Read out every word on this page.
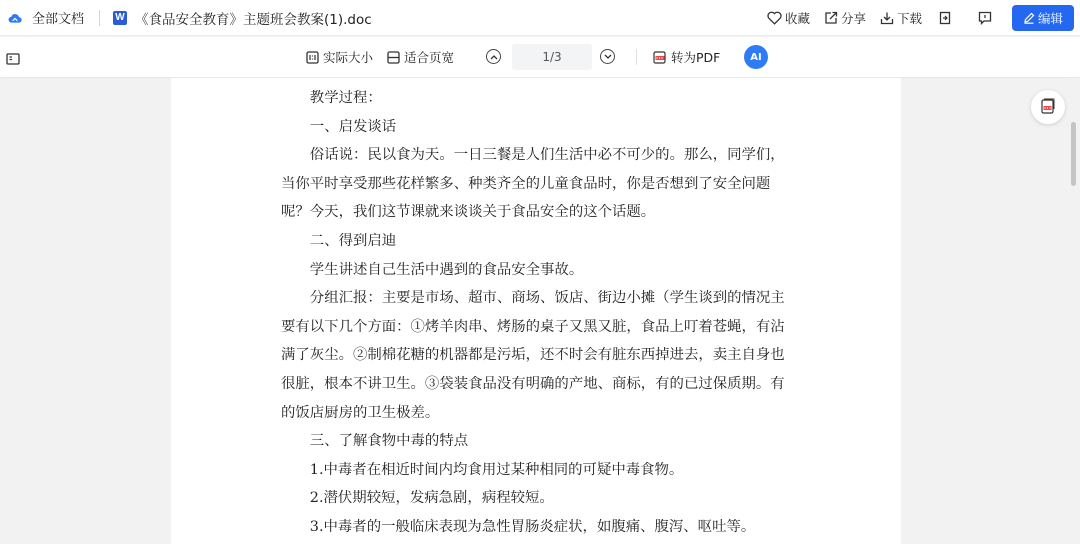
全部文档	W 《食品安全教育》主题班会教案(1).doc	收藏 分享 下载	编辑
实际大小 适合页宽	1/3	转为PDF	AI

教学过程：

一、启发谈话

俗话说：民以食为天。一日三餐是人们生活中必不可少的。那么，同学们，当你平时享受那些花样繁多、种类齐全的儿童食品时，你是否想到了安全问题呢？今天，我们这节课就来谈谈关于食品安全的这个话题。

二、得到启迪

学生讲述自己生活中遇到的食品安全事故。

分组汇报：主要是市场、超市、商场、饭店、街边小摊（学生谈到的情况主要有以下几个方面：①烤羊肉串、烤肠的桌子又黑又脏，食品上叮着苍蝇，有沾满了灰尘。②制棉花糖的机器都是污垢，还不时会有脏东西掉进去，卖主自身也很脏，根本不讲卫生。③袋装食品没有明确的产地、商标，有的已过保质期。有的饭店厨房的卫生极差。

三、了解食物中毒的特点

1.中毒者在相近时间内均食用过某种相同的可疑中毒食物。

2.潜伏期较短，发病急剧，病程较短。

3.中毒者的一般临床表现为急性胃肠炎症状，如腹痛、腹泻、呕吐等。
